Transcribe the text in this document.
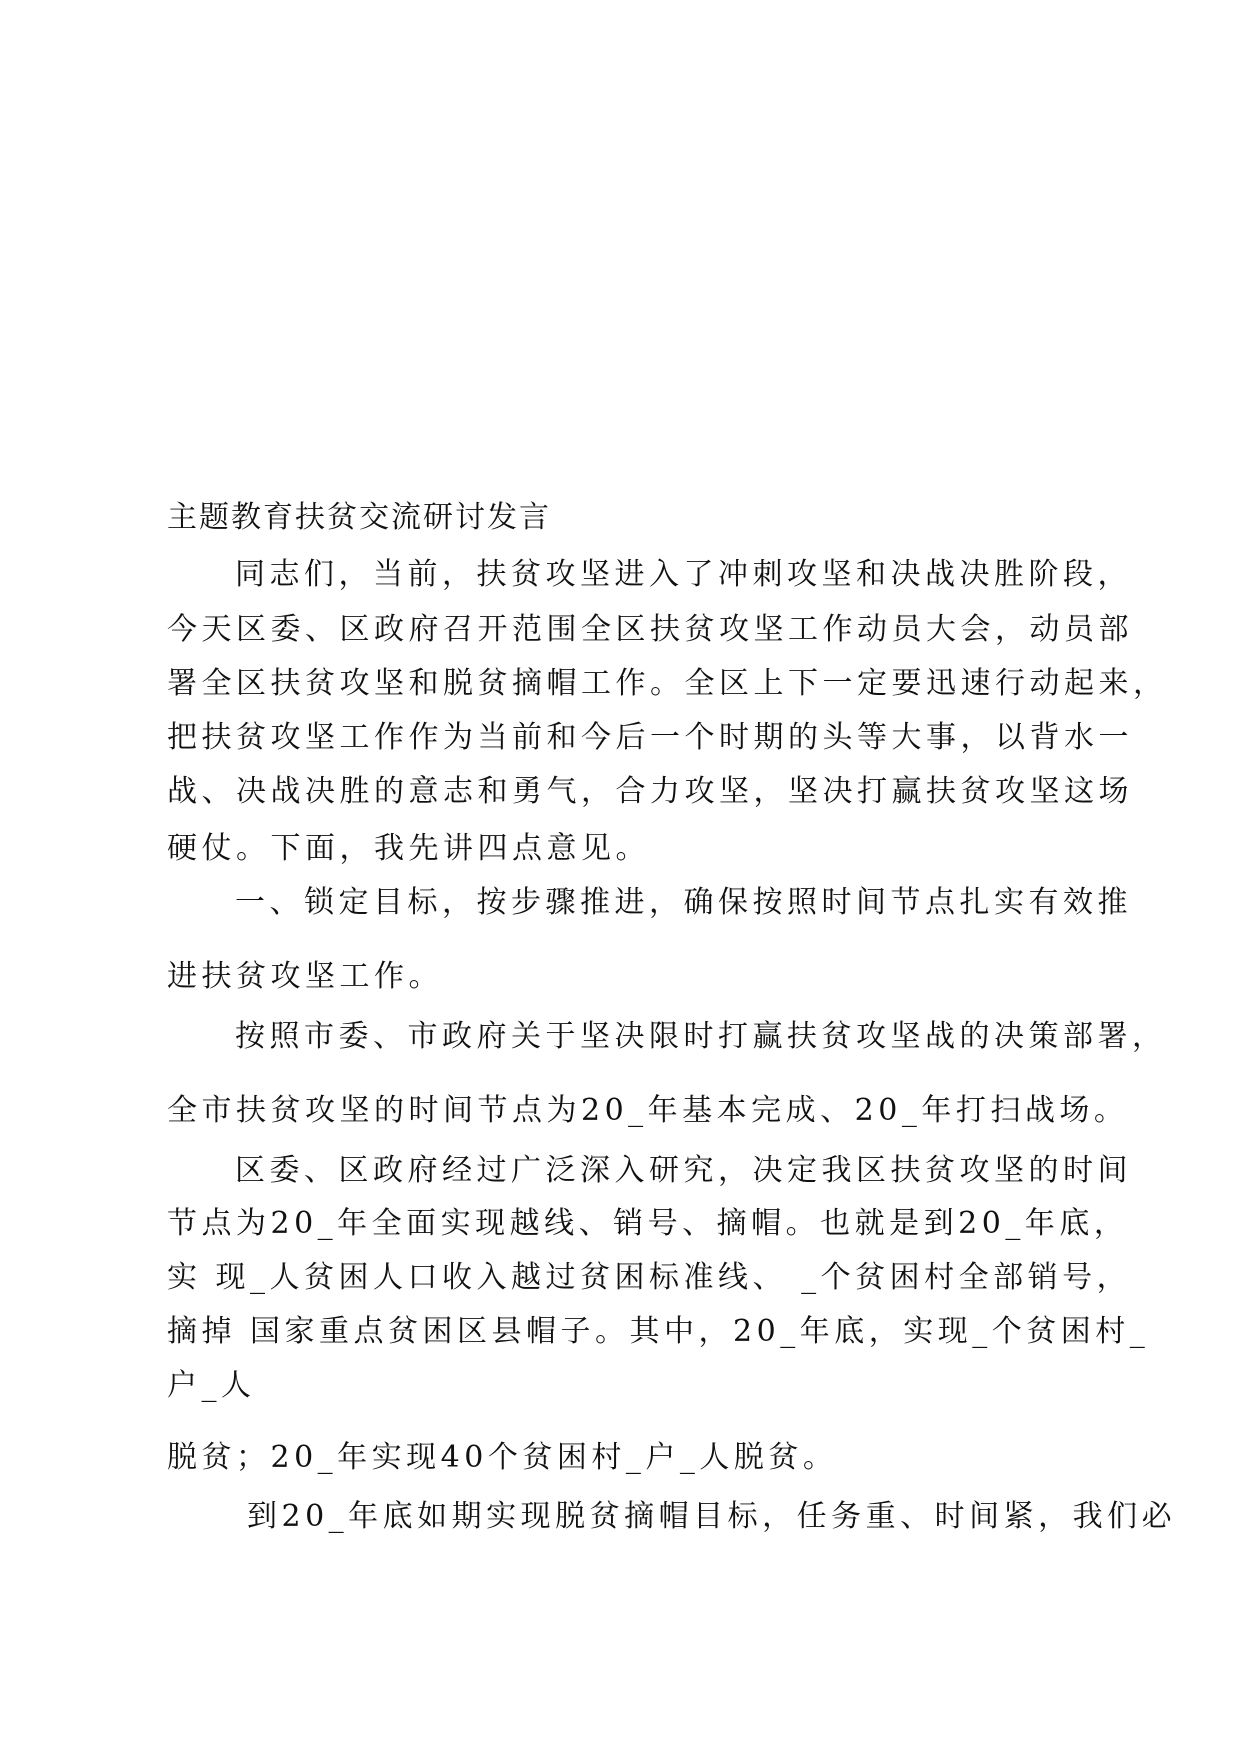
主题教育扶贫交流研讨发言
同志们，当前，扶贫攻坚进入了冲刺攻坚和决战决胜阶段，
今天区委、区政府召开范围全区扶贫攻坚工作动员大会，动员部
署全区扶贫攻坚和脱贫摘帽工作。全区上下一定要迅速行动起来，
把扶贫攻坚工作作为当前和今后一个时期的头等大事，以背水一
战、决战决胜的意志和勇气，合力攻坚，坚决打赢扶贫攻坚这场
硬仗。下面，我先讲四点意见。
一、锁定目标，按步骤推进，确保按照时间节点扎实有效推
进扶贫攻坚工作。
按照市委、市政府关于坚决限时打赢扶贫攻坚战的决策部署，
全市扶贫攻坚的时间节点为20_年基本完成、20_年打扫战场。
区委、区政府经过广泛深入研究，决定我区扶贫攻坚的时间
节点为20_年全面实现越线、销号、摘帽。也就是到20_年底，
实 现_人贫困人口收入越过贫困标准线、 _个贫困村全部销号，
摘掉 国家重点贫困区县帽子。其中，20_年底，实现_个贫困村_
户_人
脱贫；20_年实现40个贫困村_户_人脱贫。
到20_年底如期实现脱贫摘帽目标，任务重、时间紧，我们必
